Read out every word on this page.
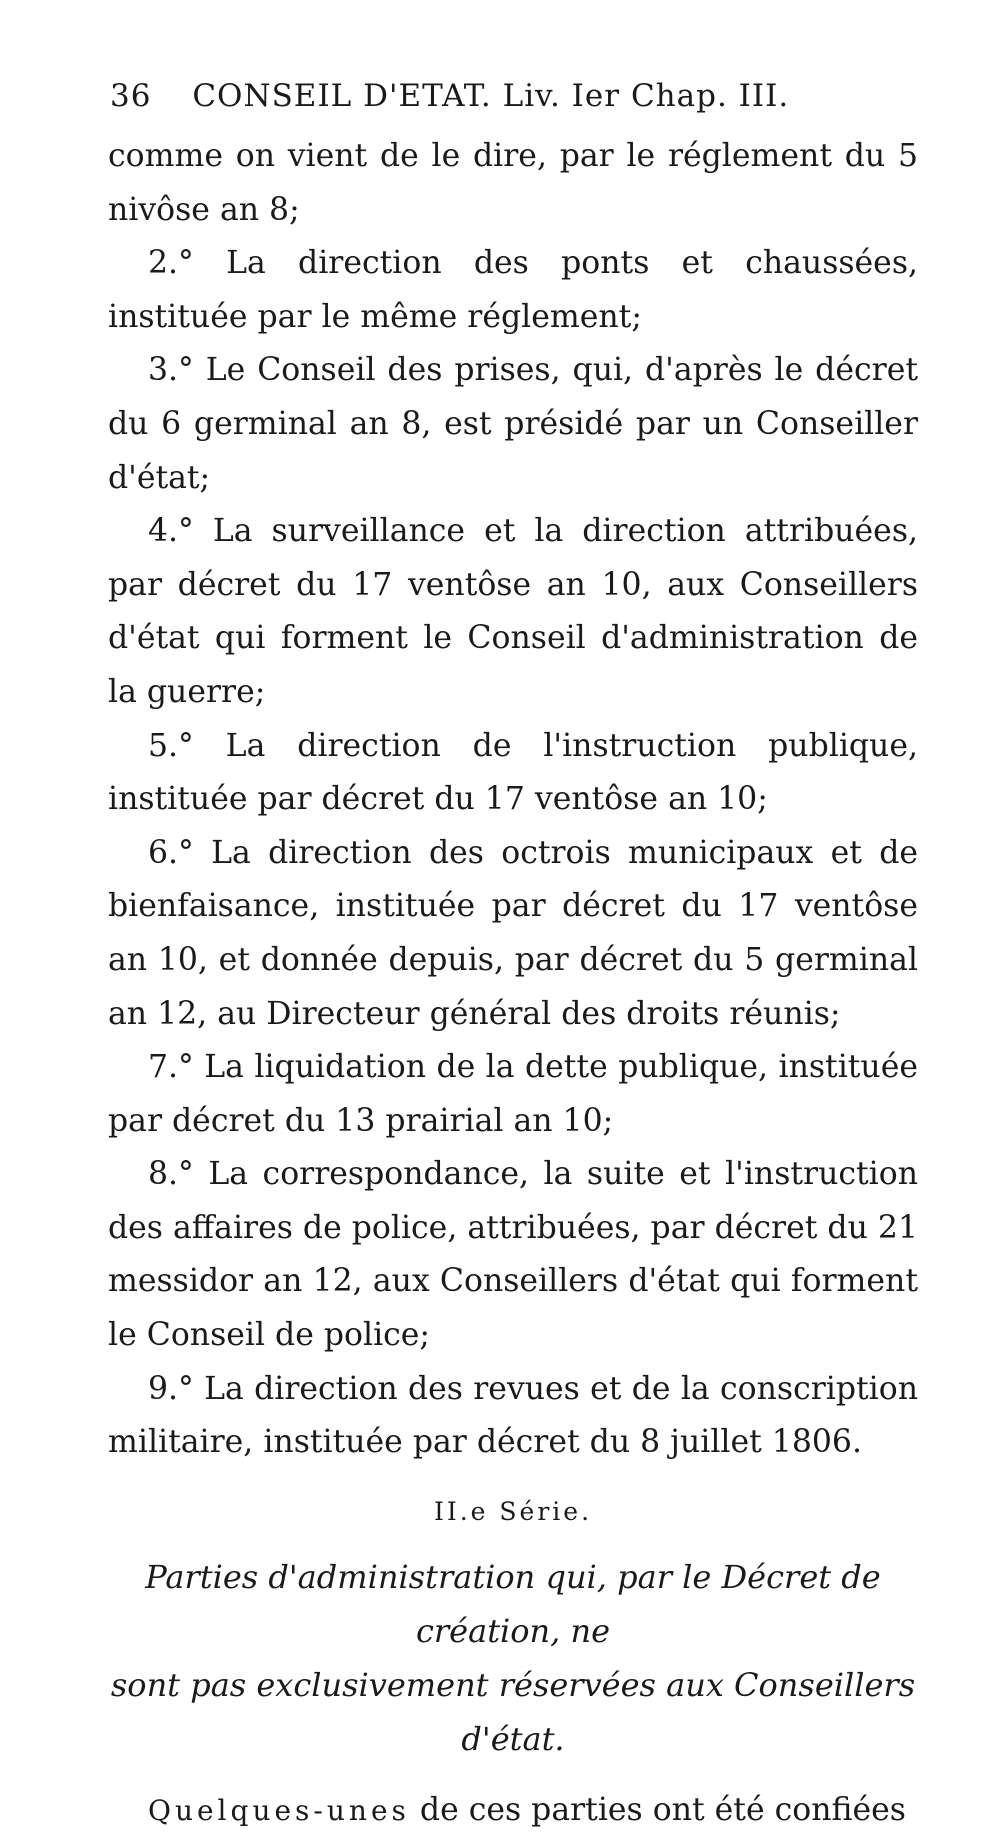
36 CONSEIL D'ETAT. Liv. Ier Chap. III.

comme on vient de le dire, par le réglement du 5 nivôse an 8;

2.° La direction des ponts et chaussées, instituée par le même réglement;

3.° Le Conseil des prises, qui, d'après le décret du 6 germinal an 8, est présidé par un Conseiller d'état;

4.° La surveillance et la direction attribuées, par décret du 17 ventôse an 10, aux Conseillers d'état qui forment le Conseil d'administration de la guerre;

5.° La direction de l'instruction publique, instituée par décret du 17 ventôse an 10;

6.° La direction des octrois municipaux et de bienfaisance, instituée par décret du 17 ventôse an 10, et donnée depuis, par décret du 5 germinal an 12, au Directeur général des droits réunis;

7.° La liquidation de la dette publique, instituée par décret du 13 prairial an 10;

8.° La correspondance, la suite et l'instruction des affaires de police, attribuées, par décret du 21 messidor an 12, aux Conseillers d'état qui forment le Conseil de police;

9.° La direction des revues et de la conscription militaire, instituée par décret du 8 juillet 1806.

II.e Série.
Parties d'administration qui, par le Décret de création, ne
sont pas exclusivement réservées aux Conseillers d'état.

Quelques-unes de ces parties ont été confiées
